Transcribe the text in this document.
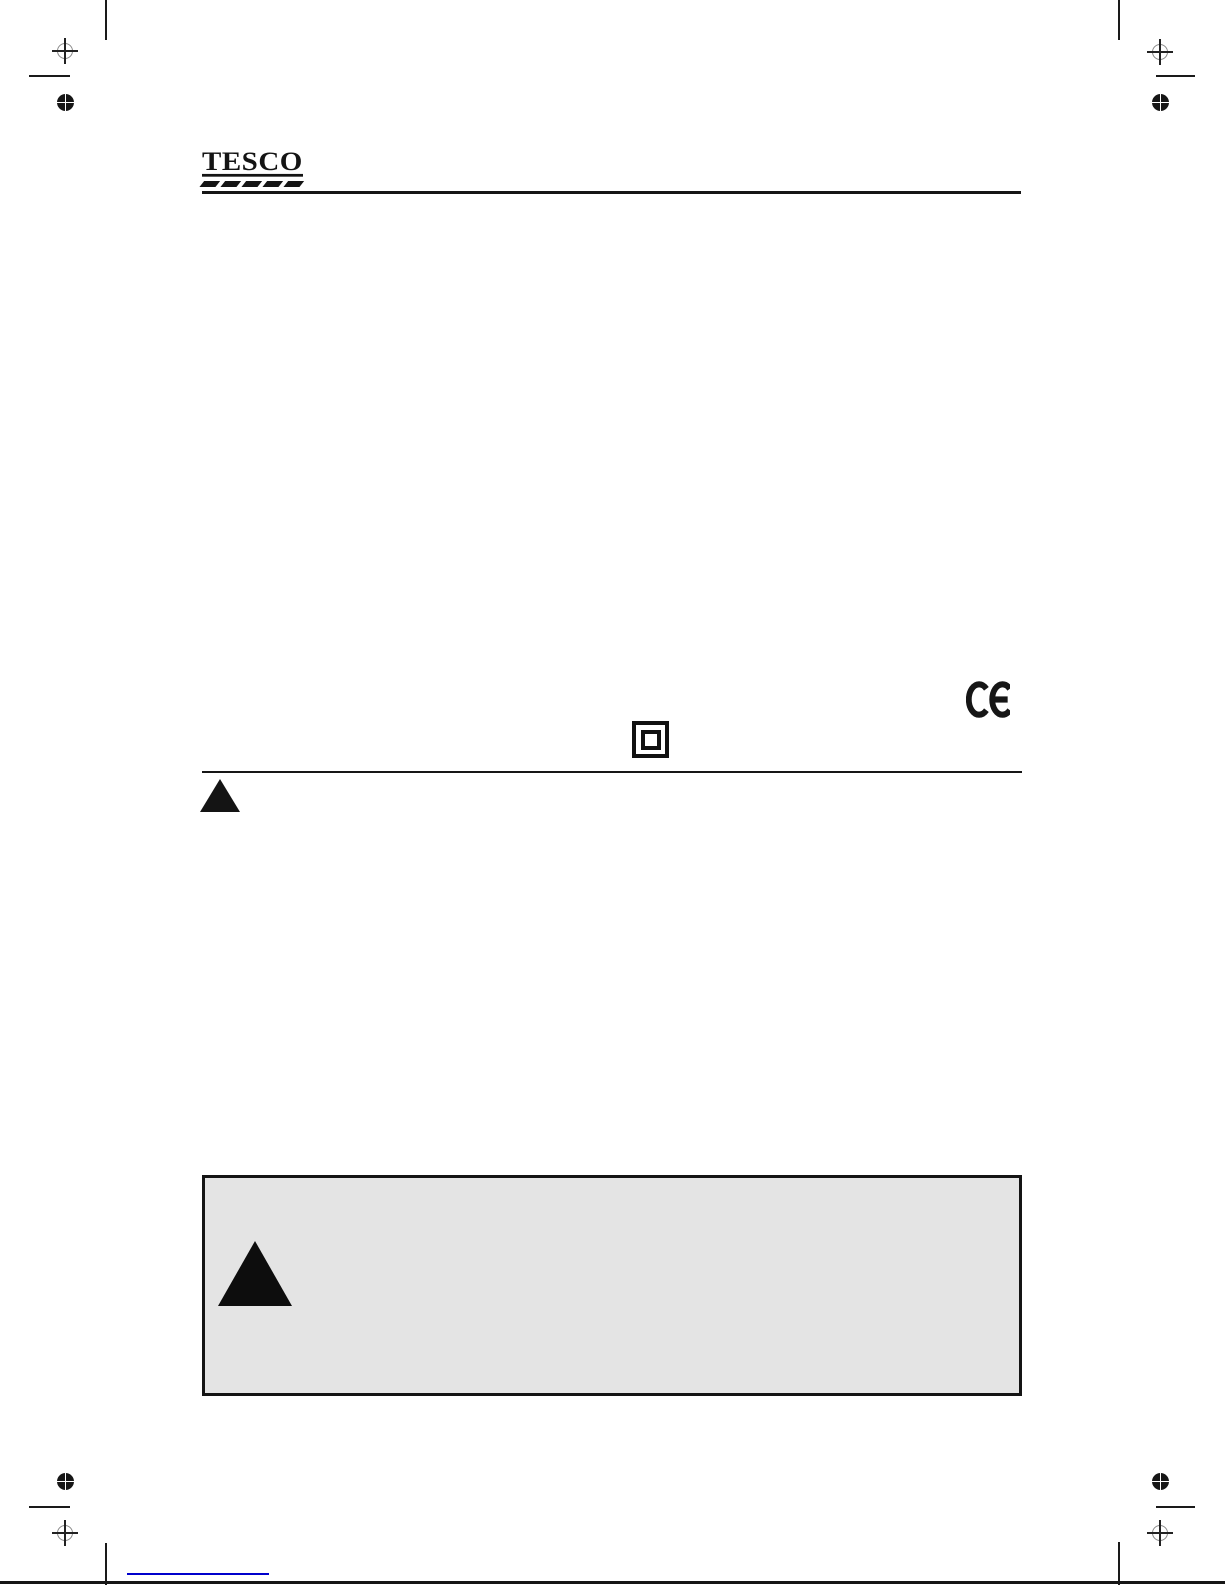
TESCO
